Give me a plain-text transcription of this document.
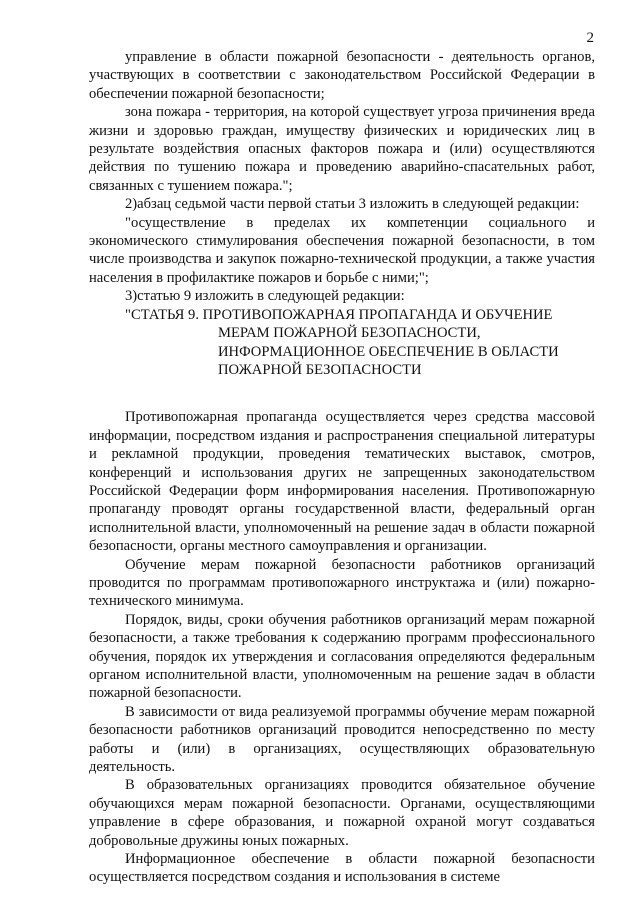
2

управление в области пожарной безопасности - деятельность органов, участвующих в соответствии с законодательством Российской Федерации в обеспечении пожарной безопасности;

зона пожара - территория, на которой существует угроза причинения вреда жизни и здоровью граждан, имуществу физических и юридических лиц в результате воздействия опасных факторов пожара и (или) осуществляются действия по тушению пожара и проведению аварийно-спасательных работ, связанных с тушением пожара.";

2)абзац седьмой части первой статьи 3 изложить в следующей редакции:

"осуществление в пределах их компетенции социального и экономического стимулирования обеспечения пожарной безопасности, в том числе производства и закупок пожарно-технической продукции, а также участия населения в профилактике пожаров и борьбе с ними;";

3)статью 9 изложить в следующей редакции:

"СТАТЬЯ 9. ПРОТИВОПОЖАРНАЯ ПРОПАГАНДА И ОБУЧЕНИЕ
МЕРАМ ПОЖАРНОЙ БЕЗОПАСНОСТИ,
ИНФОРМАЦИОННОЕ ОБЕСПЕЧЕНИЕ В ОБЛАСТИ
ПОЖАРНОЙ БЕЗОПАСНОСТИ

Противопожарная пропаганда осуществляется через средства массовой информации, посредством издания и распространения специальной литературы и рекламной продукции, проведения тематических выставок, смотров, конференций и использования других не запрещенных законодательством Российской Федерации форм информирования населения. Противопожарную пропаганду проводят органы государственной власти, федеральный орган исполнительной власти, уполномоченный на решение задач в области пожарной безопасности, органы местного самоуправления и организации.

Обучение мерам пожарной безопасности работников организаций проводится по программам противопожарного инструктажа и (или) пожарно-технического минимума.

Порядок, виды, сроки обучения работников организаций мерам пожарной безопасности, а также требования к содержанию программ профессионального обучения, порядок их утверждения и согласования определяются федеральным органом исполнительной власти, уполномоченным на решение задач в области пожарной безопасности.

В зависимости от вида реализуемой программы обучение мерам пожарной безопасности работников организаций проводится непосредственно по месту работы и (или) в организациях, осуществляющих образовательную деятельность.

В образовательных организациях проводится обязательное обучение обучающихся мерам пожарной безопасности. Органами, осуществляющими управление в сфере образования, и пожарной охраной могут создаваться добровольные дружины юных пожарных.

Информационное обеспечение в области пожарной безопасности осуществляется посредством создания и использования в системе
